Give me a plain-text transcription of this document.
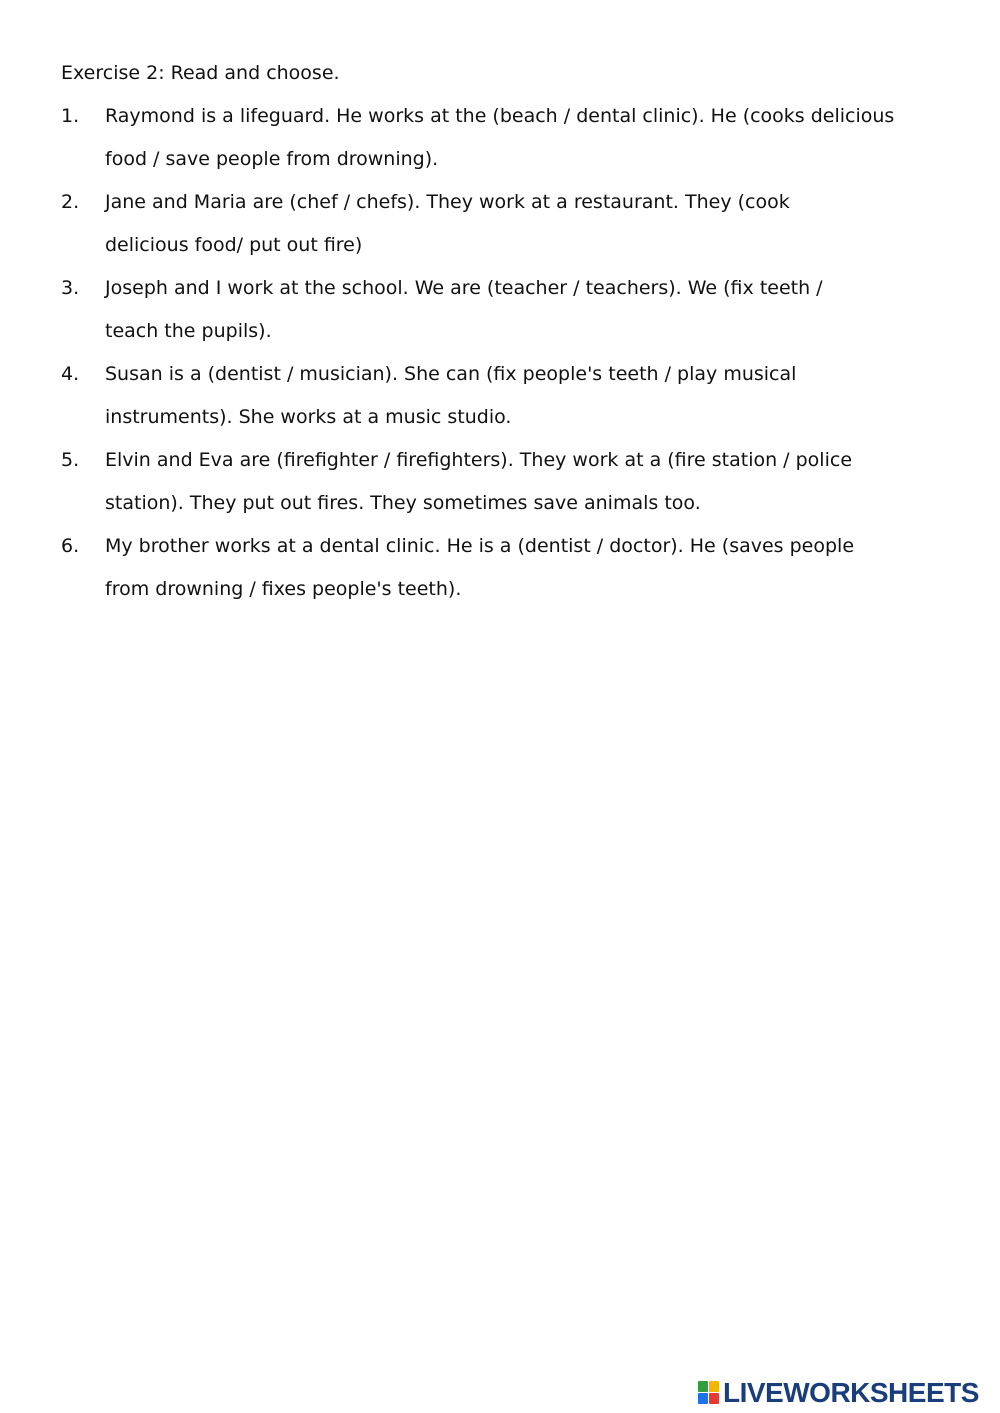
Exercise 2: Read and choose.
1. Raymond is a lifeguard. He works at the (beach / dental clinic). He (cooks delicious
food / save people from drowning).
2. Jane and Maria are (chef / chefs). They work at a restaurant. They (cook
delicious food/ put out fire)
3. Joseph and I work at the school. We are (teacher / teachers). We (fix teeth /
teach the pupils).
4. Susan is a (dentist / musician). She can (fix people's teeth / play musical
instruments). She works at a music studio.
5. Elvin and Eva are (firefighter / firefighters). They work at a (fire station / police
station). They put out fires. They sometimes save animals too.
6. My brother works at a dental clinic. He is a (dentist / doctor). He (saves people
from drowning / fixes people's teeth).
LIVEWORKSHEETS
